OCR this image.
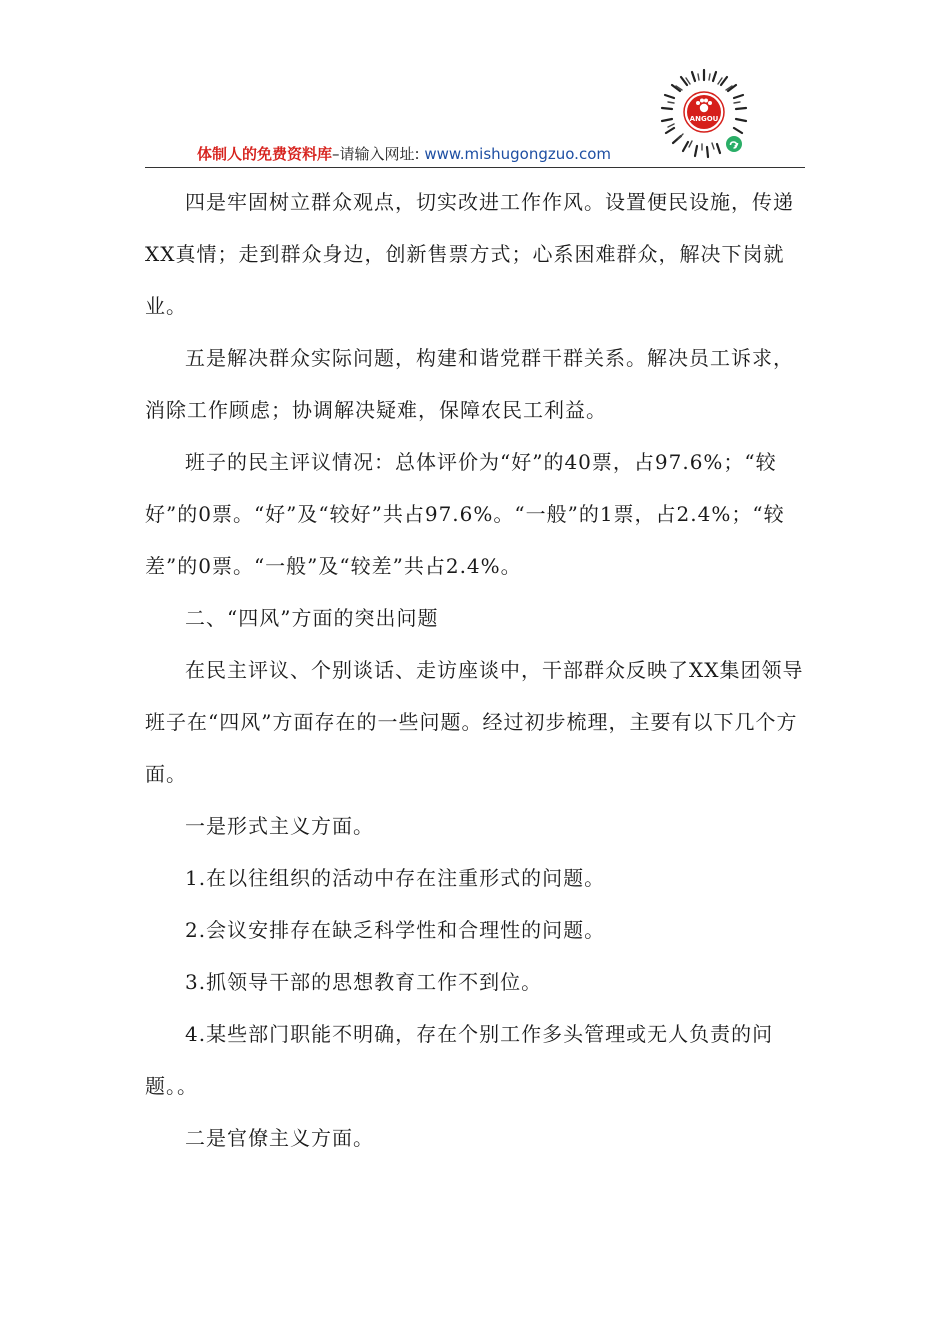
ANGOU
体制人的免费资料库–请输入网址: www.mishugongzuo.com

四是牢固树立群众观点，切实改进工作作风。设置便民设施，传递XX真情；走到群众身边，创新售票方式；心系困难群众，解决下岗就业。

五是解决群众实际问题，构建和谐党群干群关系。解决员工诉求，消除工作顾虑；协调解决疑难，保障农民工利益。

班子的民主评议情况：总体评价为“好”的40票，占97.6%；“较好”的0票。“好”及“较好”共占97.6%。“一般”的1票，占2.4%；“较差”的0票。“一般”及“较差”共占2.4%。

二、“四风”方面的突出问题

在民主评议、个别谈话、走访座谈中，干部群众反映了XX集团领导班子在“四风”方面存在的一些问题。经过初步梳理，主要有以下几个方面。

一是形式主义方面。

1.在以往组织的活动中存在注重形式的问题。

2.会议安排存在缺乏科学性和合理性的问题。

3.抓领导干部的思想教育工作不到位。

4.某些部门职能不明确，存在个别工作多头管理或无人负责的问题。。

二是官僚主义方面。
